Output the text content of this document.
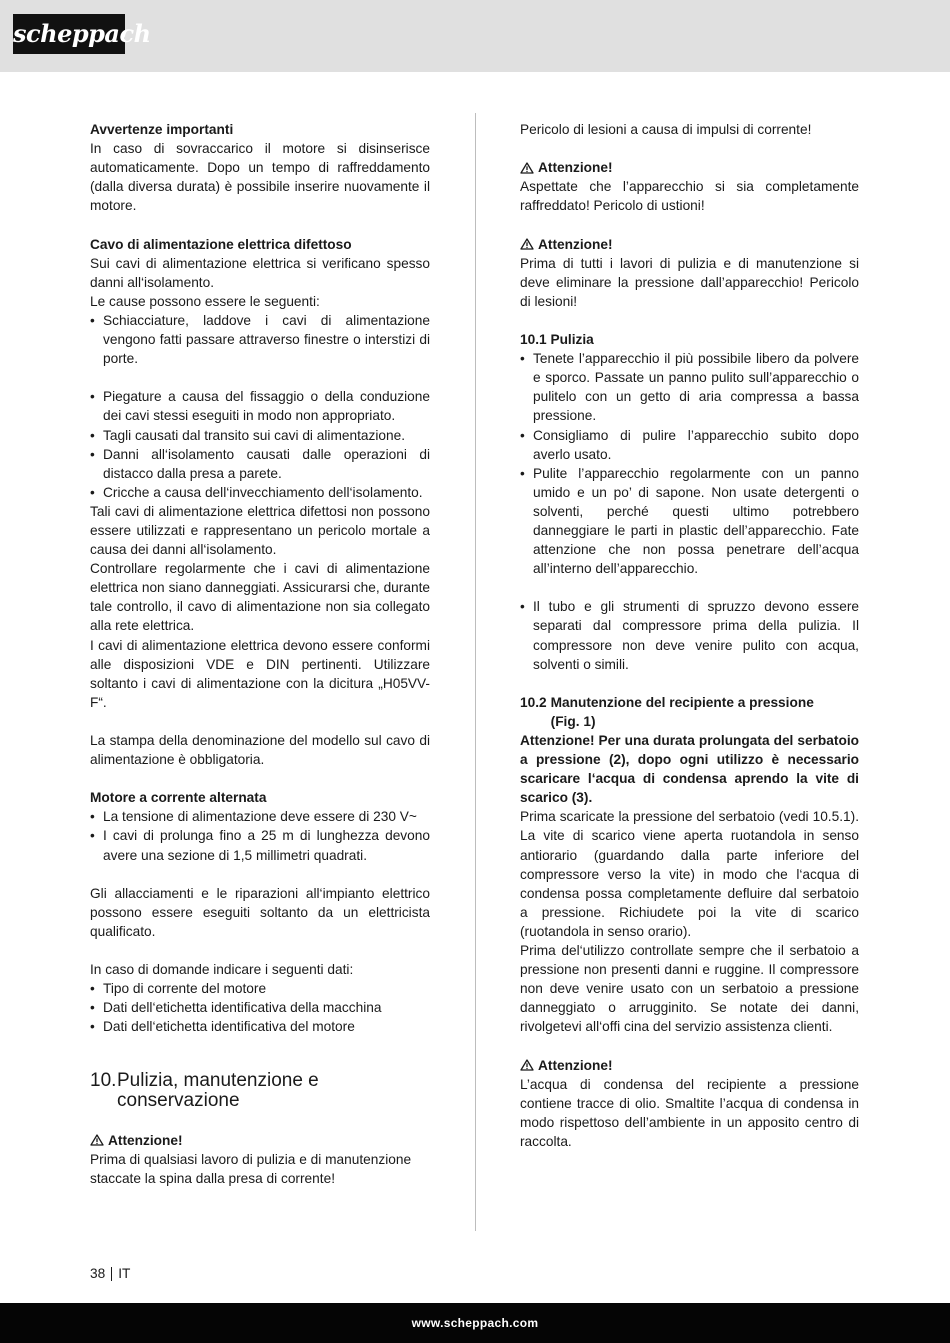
scheppach
Avvertenze importanti

In caso di sovraccarico il motore si disinserisce automaticamente. Dopo un tempo di raffreddamento (dalla diversa durata) è possibile inserire nuovamente il motore.

Cavo di alimentazione elettrica difettoso

Sui cavi di alimentazione elettrica si verificano spesso danni all‘isolamento.

Le cause possono essere le seguenti:

• Schiacciature, laddove i cavi di alimentazione vengono fatti passare attraverso finestre o interstizi di porte.
• Piegature a causa del fissaggio o della conduzione dei cavi stessi eseguiti in modo non appropriato.
• Tagli causati dal transito sui cavi di alimentazione.
• Danni all‘isolamento causati dalle operazioni di distacco dalla presa a parete.
• Cricche a causa dell‘invecchiamento dell‘isolamento.

Tali cavi di alimentazione elettrica difettosi non possono essere utilizzati e rappresentano un pericolo mortale a causa dei danni all‘isolamento.

Controllare regolarmente che i cavi di alimentazione elettrica non siano danneggiati. Assicurarsi che, durante tale controllo, il cavo di alimentazione non sia collegato alla rete elettrica.

I cavi di alimentazione elettrica devono essere conformi alle disposizioni VDE e DIN pertinenti. Utilizzare soltanto i cavi di alimentazione con la dicitura „H05VV-F“.

La stampa della denominazione del modello sul cavo di alimentazione è obbligatoria.

Motore a corrente alternata
• La tensione di alimentazione deve essere di 230 V~
• I cavi di prolunga fino a 25 m di lunghezza devono avere una sezione di 1,5 millimetri quadrati.

Gli allacciamenti e le riparazioni all‘impianto elettrico possono essere eseguiti soltanto da un elettricista qualificato.

In caso di domande indicare i seguenti dati:

• Tipo di corrente del motore
• Dati dell‘etichetta identificativa della macchina
• Dati dell‘etichetta identificativa del motore
10. Pulizia, manutenzione e
conservazione
Attenzione!

Prima di qualsiasi lavoro di pulizia e di manutenzione staccate la spina dalla presa di corrente!

Pericolo di lesioni a causa di impulsi di corrente!

Attenzione!

Aspettate che l’apparecchio si sia completamente raffreddato! Pericolo di ustioni!

Attenzione!

Prima di tutti i lavori di pulizia e di manutenzione si deve eliminare la pressione dall’apparecchio! Pericolo di lesioni!

10.1 Pulizia
• Tenete l’apparecchio il più possibile libero da polvere e sporco. Passate un panno pulito sull’apparecchio o pulitelo con un getto di aria compressa a bassa pressione.
• Consigliamo di pulire l’apparecchio subito dopo averlo usato.
• Pulite l’apparecchio regolarmente con un panno umido e un po’ di sapone. Non usate detergenti o solventi, perché questi ultimo potrebbero danneggiare le parti in plastic dell’apparecchio. Fate attenzione che non possa penetrare dell’acqua all’interno dell’apparecchio.
• Il tubo e gli strumenti di spruzzo devono essere separati dal compressore prima della pulizia. Il compressore non deve venire pulito con acqua, solventi o simili.
10.2 Manutenzione del recipiente a pressione
(Fig. 1)

Attenzione! Per una durata prolungata del serbatoio a pressione (2), dopo ogni utilizzo è necessario scaricare l‘acqua di condensa aprendo la vite di scarico (3).

Prima scaricate la pressione del serbatoio (vedi 10.5.1). La vite di scarico viene aperta ruotandola in senso antiorario (guardando dalla parte inferiore del compressore verso la vite) in modo che l‘acqua di condensa possa completamente defluire dal serbatoio a pressione. Richiudete poi la vite di scarico (ruotandola in senso orario).

Prima del‘utilizzo controllate sempre che il serbatoio a pressione non presenti danni e ruggine. Il compressore non deve venire usato con un serbatoio a pressione danneggiato o arrugginito. Se notate dei danni, rivolgetevi all‘offi cina del servizio assistenza clienti.

Attenzione!

L’acqua di condensa del recipiente a pressione contiene tracce di olio. Smaltite l’acqua di condensa in modo rispettoso dell’ambiente in un apposito centro di raccolta.

38 IT
www.scheppach.com
